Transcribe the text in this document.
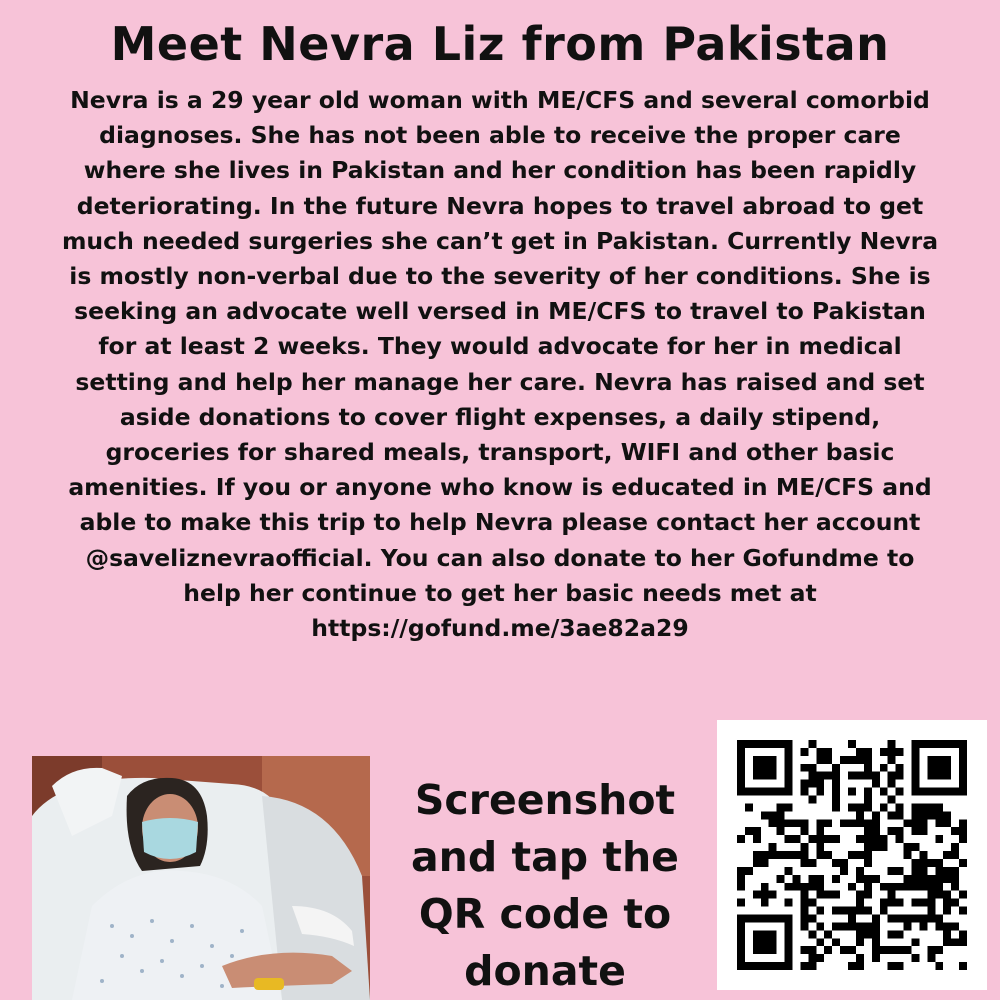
Meet Nevra Liz from Pakistan
Nevra is a 29 year old woman with ME/CFS and several comorbid
diagnoses. She has not been able to receive the proper care
where she lives in Pakistan and her condition has been rapidly
deteriorating. In the future Nevra hopes to travel abroad to get
much needed surgeries she can’t get in Pakistan. Currently Nevra
is mostly non-verbal due to the severity of her conditions. She is
seeking an advocate well versed in ME/CFS to travel to Pakistan
for at least 2 weeks. They would advocate for her in medical
setting and help her manage her care. Nevra has raised and set
aside donations to cover flight expenses, a daily stipend,
groceries for shared meals, transport, WIFI and other basic
amenities. If you or anyone who know is educated in ME/CFS and
able to make this trip to help Nevra please contact her account
@saveliznevraofficial. You can also donate to her Gofundme to
help her continue to get her basic needs met at
https://gofund.me/3ae82a29
Screenshot
and tap the
QR code to
donate
